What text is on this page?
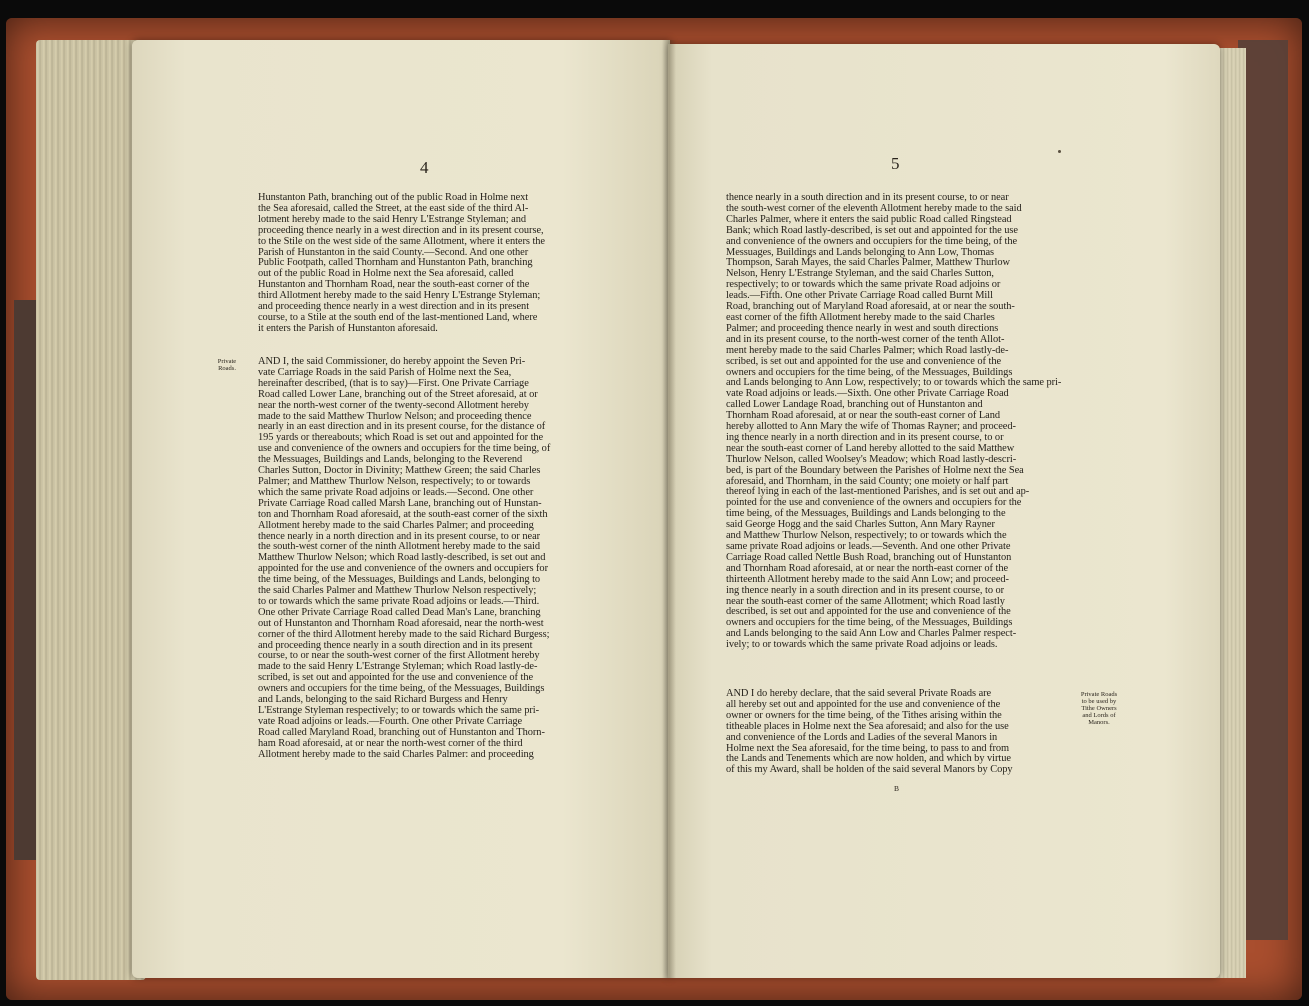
4
Hunstanton Path, branching out of the public Road in Holme next
the Sea aforesaid, called the Street, at the east side of the third Al-
lotment hereby made to the said Henry L'Estrange Styleman; and
proceeding thence nearly in a west direction and in its present course,
to the Stile on the west side of the same Allotment, where it enters the
Parish of Hunstanton in the said County.—Second. And one other
Public Footpath, called Thornham and Hunstanton Path, branching
out of the public Road in Holme next the Sea aforesaid, called
Hunstanton and Thornham Road, near the south-east corner of the
third Allotment hereby made to the said Henry L'Estrange Styleman;
and proceeding thence nearly in a west direction and in its present
course, to a Stile at the south end of the last-mentioned Land, where
it enters the Parish of Hunstanton aforesaid.
Private
Roads.
AND I, the said Commissioner, do hereby appoint the Seven Pri-
vate Carriage Roads in the said Parish of Holme next the Sea,
hereinafter described, (that is to say)—First. One Private Carriage
Road called Lower Lane, branching out of the Street aforesaid, at or
near the north-west corner of the twenty-second Allotment hereby
made to the said Matthew Thurlow Nelson; and proceeding thence
nearly in an east direction and in its present course, for the distance of
195 yards or thereabouts; which Road is set out and appointed for the
use and convenience of the owners and occupiers for the time being, of
the Messuages, Buildings and Lands, belonging to the Reverend
Charles Sutton, Doctor in Divinity; Matthew Green; the said Charles
Palmer; and Matthew Thurlow Nelson, respectively; to or towards
which the same private Road adjoins or leads.—Second. One other
Private Carriage Road called Marsh Lane, branching out of Hunstan-
ton and Thornham Road aforesaid, at the south-east corner of the sixth
Allotment hereby made to the said Charles Palmer; and proceeding
thence nearly in a north direction and in its present course, to or near
the south-west corner of the ninth Allotment hereby made to the said
Matthew Thurlow Nelson; which Road lastly-described, is set out and
appointed for the use and convenience of the owners and occupiers for
the time being, of the Messuages, Buildings and Lands, belonging to
the said Charles Palmer and Matthew Thurlow Nelson respectively;
to or towards which the same private Road adjoins or leads.—Third.
One other Private Carriage Road called Dead Man's Lane, branching
out of Hunstanton and Thornham Road aforesaid, near the north-west
corner of the third Allotment hereby made to the said Richard Burgess;
and proceeding thence nearly in a south direction and in its present
course, to or near the south-west corner of the first Allotment hereby
made to the said Henry L'Estrange Styleman; which Road lastly-de-
scribed, is set out and appointed for the use and convenience of the
owners and occupiers for the time being, of the Messuages, Buildings
and Lands, belonging to the said Richard Burgess and Henry
L'Estrange Styleman respectively; to or towards which the same pri-
vate Road adjoins or leads.—Fourth. One other Private Carriage
Road called Maryland Road, branching out of Hunstanton and Thorn-
ham Road aforesaid, at or near the north-west corner of the third
Allotment hereby made to the said Charles Palmer: and proceeding
5
thence nearly in a south direction and in its present course, to or near
the south-west corner of the eleventh Allotment hereby made to the said
Charles Palmer, where it enters the said public Road called Ringstead
Bank; which Road lastly-described, is set out and appointed for the use
and convenience of the owners and occupiers for the time being, of the
Messuages, Buildings and Lands belonging to Ann Low, Thomas
Thompson, Sarah Mayes, the said Charles Palmer, Matthew Thurlow
Nelson, Henry L'Estrange Styleman, and the said Charles Sutton,
respectively; to or towards which the same private Road adjoins or
leads.—Fifth. One other Private Carriage Road called Burnt Mill
Road, branching out of Maryland Road aforesaid, at or near the south-
east corner of the fifth Allotment hereby made to the said Charles
Palmer; and proceeding thence nearly in west and south directions
and in its present course, to the north-west corner of the tenth Allot-
ment hereby made to the said Charles Palmer; which Road lastly-de-
scribed, is set out and appointed for the use and convenience of the
owners and occupiers for the time being, of the Messuages, Buildings
and Lands belonging to Ann Low, respectively; to or towards which the same pri-
vate Road adjoins or leads.—Sixth. One other Private Carriage Road
called Lower Landage Road, branching out of Hunstanton and
Thornham Road aforesaid, at or near the south-east corner of Land
hereby allotted to Ann Mary the wife of Thomas Rayner; and proceed-
ing thence nearly in a north direction and in its present course, to or
near the south-east corner of Land hereby allotted to the said Matthew
Thurlow Nelson, called Woolsey's Meadow; which Road lastly-descri-
bed, is part of the Boundary between the Parishes of Holme next the Sea
aforesaid, and Thornham, in the said County; one moiety or half part
thereof lying in each of the last-mentioned Parishes, and is set out and ap-
pointed for the use and convenience of the owners and occupiers for the
time being, of the Messuages, Buildings and Lands belonging to the
said George Hogg and the said Charles Sutton, Ann Mary Rayner
and Matthew Thurlow Nelson, respectively; to or towards which the
same private Road adjoins or leads.—Seventh. And one other Private
Carriage Road called Nettle Bush Road, branching out of Hunstanton
and Thornham Road aforesaid, at or near the north-east corner of the
thirteenth Allotment hereby made to the said Ann Low; and proceed-
ing thence nearly in a south direction and in its present course, to or
near the south-east corner of the same Allotment; which Road lastly
described, is set out and appointed for the use and convenience of the
owners and occupiers for the time being, of the Messuages, Buildings
and Lands belonging to the said Ann Low and Charles Palmer respect-
ively; to or towards which the same private Road adjoins or leads.
AND I do hereby declare, that the said several Private Roads are
all hereby set out and appointed for the use and convenience of the
owner or owners for the time being, of the Tithes arising within the
titheable places in Holme next the Sea aforesaid; and also for the use
and convenience of the Lords and Ladies of the several Manors in
Holme next the Sea aforesaid, for the time being, to pass to and from
the Lands and Tenements which are now holden, and which by virtue
of this my Award, shall be holden of the said several Manors by Copy
Private Roads
to be used by
Tithe Owners
and Lords of
Manors.
B
